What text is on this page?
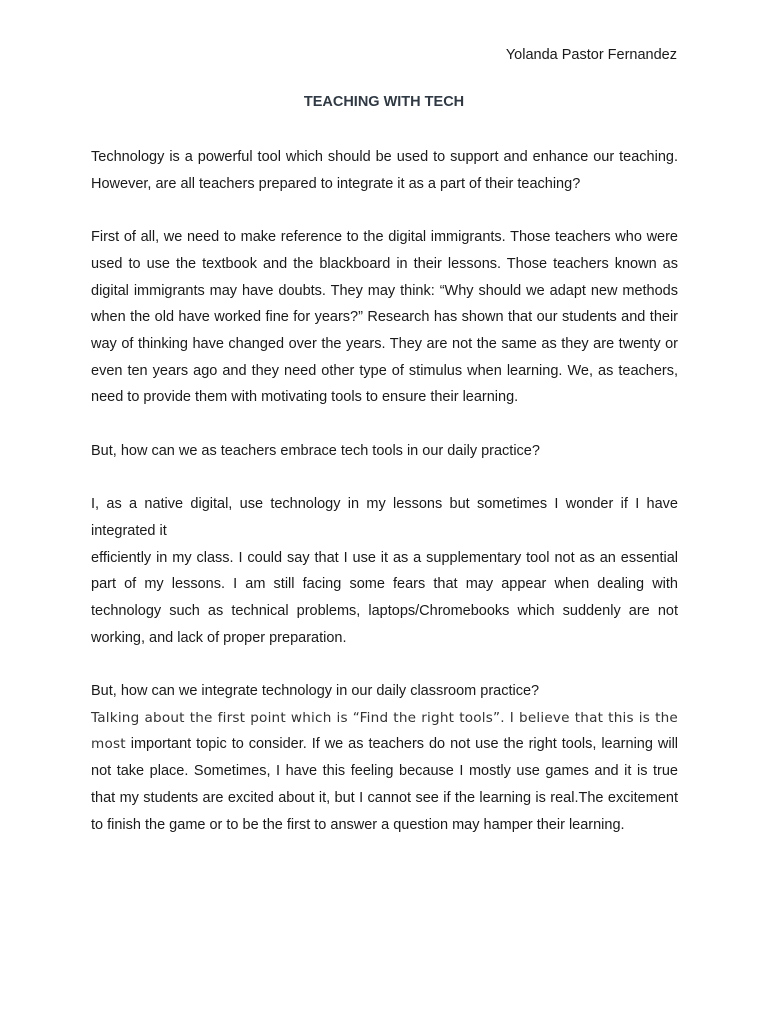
Yolanda Pastor Fernandez

TEACHING WITH TECH

Technology is a powerful tool which should be used to support and enhance our teaching. However, are all teachers prepared to integrate it as a part of their teaching?

First of all, we need to make reference to the digital immigrants. Those teachers who were used to use the textbook and the blackboard in their lessons. Those teachers known as digital immigrants may have doubts. They may think: “Why should we adapt new methods when the old have worked fine for years?” Research has shown that our students and their way of thinking have changed over the years. They are not the same as they are twenty or even ten years ago and they need other type of stimulus when learning. We, as teachers, need to provide them with motivating tools to ensure their learning.

But, how can we as teachers embrace tech tools in our daily practice?

I, as a native digital, use technology in my lessons but sometimes I wonder if I have integrated it

efficiently in my class. I could say that I use it as a supplementary tool not as an essential part of my lessons. I am still facing some fears that may appear when dealing with technology such as technical problems, laptops/Chromebooks which suddenly are not working, and lack of proper preparation.

But, how can we integrate technology in our daily classroom practice?

Talking about the first point which is “Find the right tools”. I believe that this is the most important topic to consider. If we as teachers do not use the right tools, learning will not take place. Sometimes, I have this feeling because I mostly use games and it is true that my students are excited about it, but I cannot see if the learning is real.The excitement to finish the game or to be the first to answer a question may hamper their learning.
